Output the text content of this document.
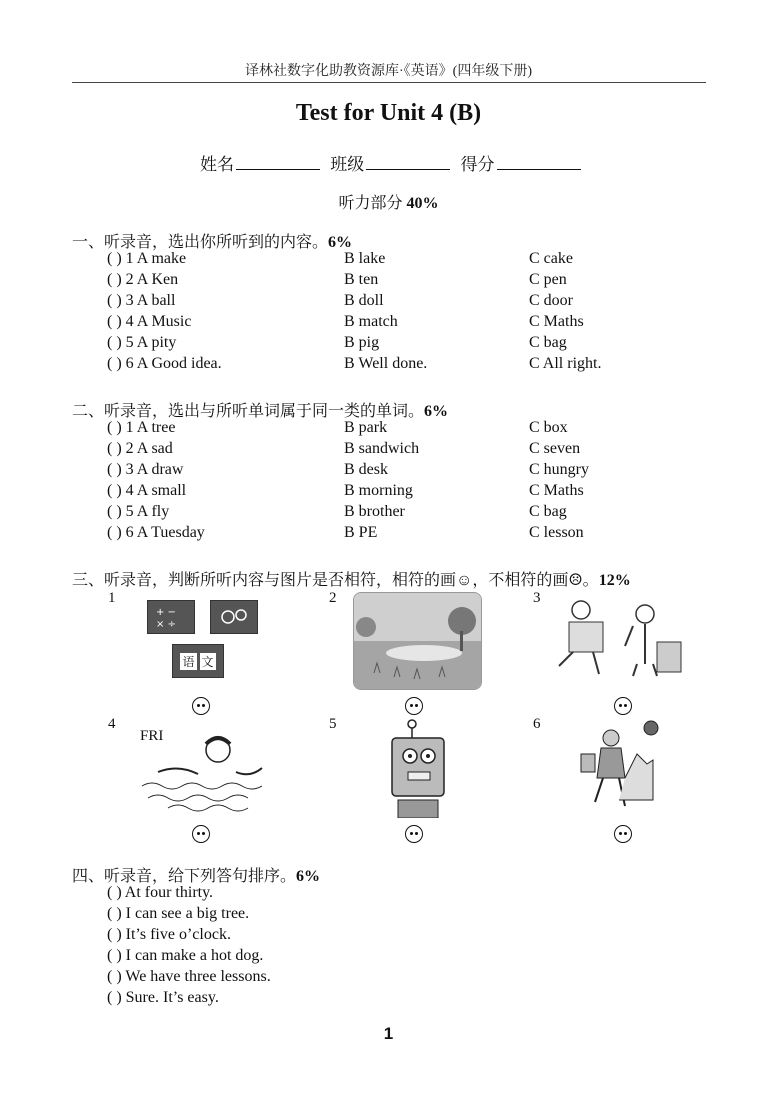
译林社数字化助教资源库·《英语》(四年级下册)
Test for Unit 4 (B)
姓名	班级	得分
听力部分 40%
一、听录音，选出你所听到的内容。6%
( ) 1 A make	B lake	C cake
( ) 2 A Ken	B ten	C pen
( ) 3 A ball	B doll	C door
( ) 4 A Music	B match	C Maths
( ) 5 A pity	B pig	C bag
( ) 6 A Good idea.	B Well done.	C All right.
二、听录音，选出与所听单词属于同一类的单词。6%
( ) 1 A tree	B park	C box
( ) 2 A sad	B sandwich	C seven
( ) 3 A draw	B desk	C hungry
( ) 4 A small	B morning	C Maths
( ) 5 A fly	B brother	C bag
( ) 6 A Tuesday	B PE	C lesson
三、听录音，判断所听内容与图片是否相符，相符的画☺，不相符的画☹。12%
1	2	3
4	5	6
+ −
× ÷
语 文
FRI
四、听录音，给下列答句排序。6%
( ) At four thirty.
( ) I can see a big tree.
( ) It’s five o’clock.
( ) I can make a hot dog.
( ) We have three lessons.
( ) Sure. It’s easy.
1
